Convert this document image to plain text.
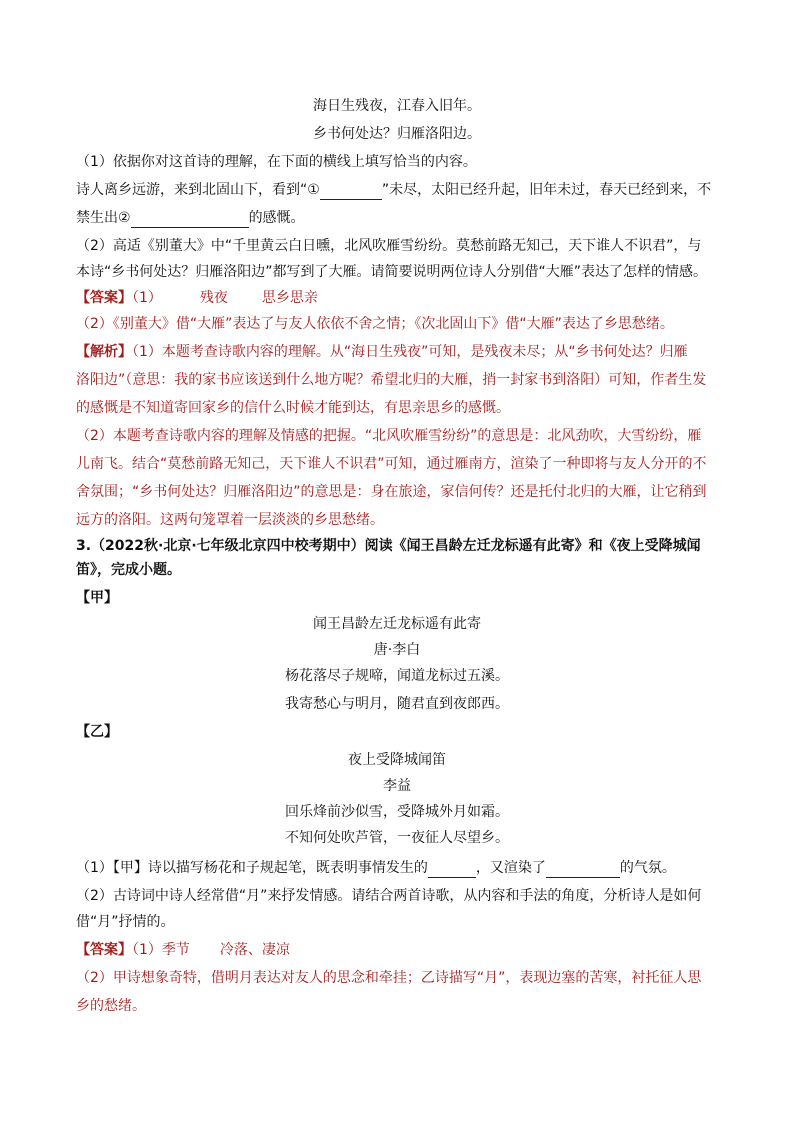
海日生残夜，江春入旧年。
乡书何处达？归雁洛阳边。
（1）依据你对这首诗的理解，在下面的横线上填写恰当的内容。
诗人离乡远游，来到北固山下，看到“①	”未尽，太阳已经升起，旧年未过，春天已经到来，不
禁生出②	的感慨。
（2）高适《别董大》中“千里黄云白日曛，北风吹雁雪纷纷。莫愁前路无知己，天下谁人不识君”，与
本诗“乡书何处达？归雁洛阳边”都写到了大雁。请简要说明两位诗人分别借“大雁”表达了怎样的情感。
【答案】（1）	残夜 思乡思亲
（2）《别董大》借“大雁”表达了与友人依依不舍之情；《次北固山下》借“大雁”表达了乡思愁绪。
【解析】（1）本题考查诗歌内容的理解。从“海日生残夜”可知，是残夜未尽；从“乡书何处达？归雁
洛阳边”（意思：我的家书应该送到什么地方呢？希望北归的大雁，捎一封家书到洛阳）可知，作者生发
的感慨是不知道寄回家乡的信什么时候才能到达，有思亲思乡的感慨。
（2）本题考查诗歌内容的理解及情感的把握。“北风吹雁雪纷纷”的意思是：北风劲吹，大雪纷纷，雁
儿南飞。结合“莫愁前路无知己，天下谁人不识君”可知，通过雁南方，渲染了一种即将与友人分开的不
舍氛围；“乡书何处达？归雁洛阳边”的意思是：身在旅途，家信何传？还是托付北归的大雁，让它稍到
远方的洛阳。这两句笼罩着一层淡淡的乡思愁绪。
3.（2022秋·北京·七年级北京四中校考期中）阅读《闻王昌龄左迁龙标遥有此寄》和《夜上受降城闻
笛》，完成小题。
【甲】
闻王昌龄左迁龙标遥有此寄
唐·李白
杨花落尽子规啼，闻道龙标过五溪。
我寄愁心与明月，随君直到夜郎西。
【乙】
夜上受降城闻笛
李益
回乐烽前沙似雪，受降城外月如霜。
不知何处吹芦管，一夜征人尽望乡。
（1）【甲】诗以描写杨花和子规起笔，既表明事情发生的	，又渲染了	的气氛。
（2）古诗词中诗人经常借“月”来抒发情感。请结合两首诗歌，从内容和手法的角度，分析诗人是如何
借“月”抒情的。
【答案】（1）季节 冷落、凄凉
（2）甲诗想象奇特，借明月表达对友人的思念和牵挂；乙诗描写“月”，表现边塞的苦寒，衬托征人思
乡的愁绪。
